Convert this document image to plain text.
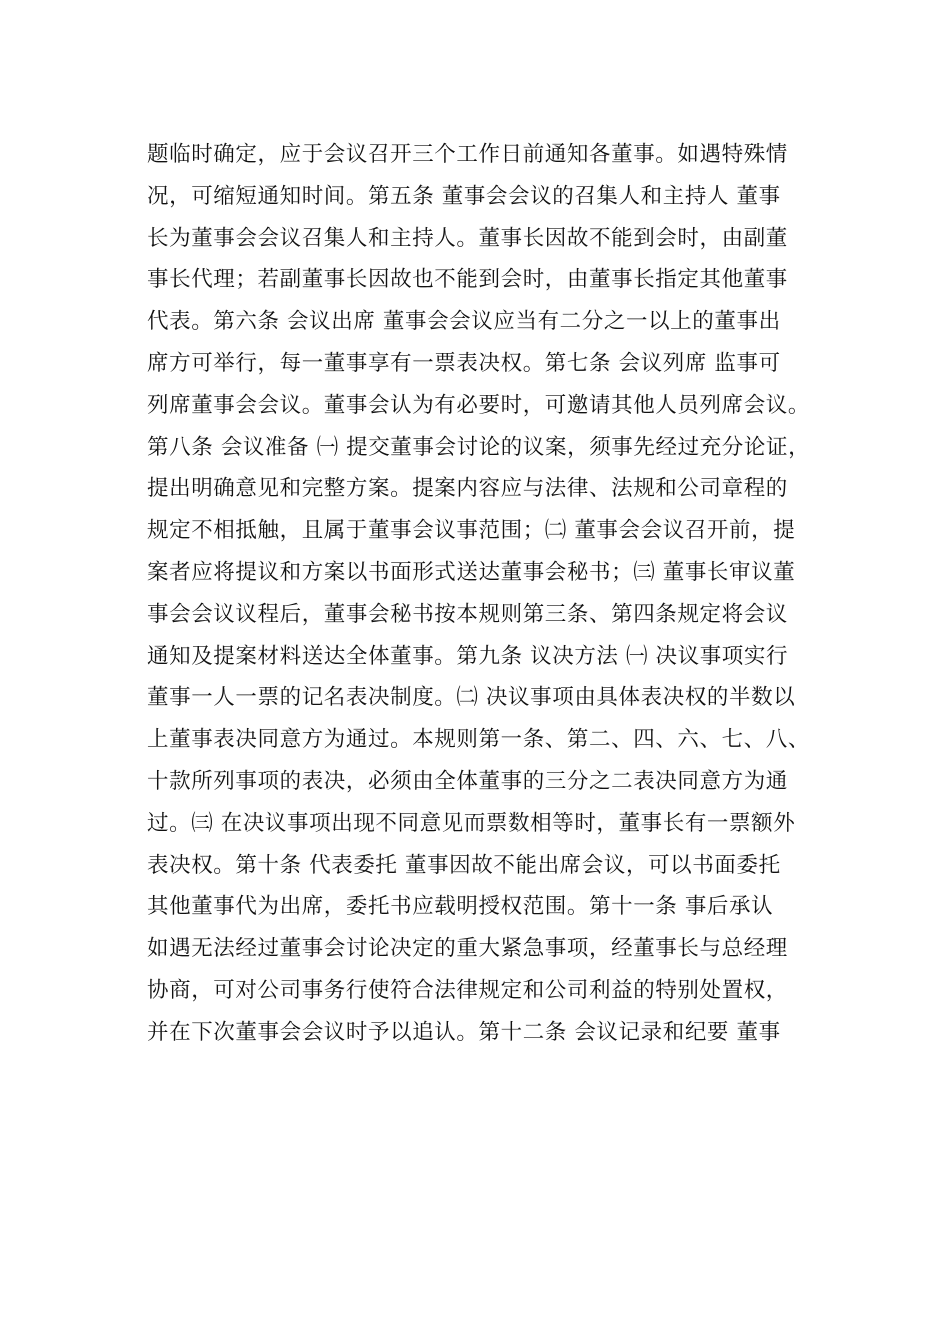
题临时确定，应于会议召开三个工作日前通知各董事。如遇特殊情
况，可缩短通知时间。第五条 董事会会议的召集人和主持人 董事
长为董事会会议召集人和主持人。董事长因故不能到会时，由副董
事长代理；若副董事长因故也不能到会时，由董事长指定其他董事
代表。第六条 会议出席 董事会会议应当有二分之一以上的董事出
席方可举行，每一董事享有一票表决权。第七条 会议列席 监事可
列席董事会会议。董事会认为有必要时，可邀请其他人员列席会议。
第八条 会议准备 ㈠ 提交董事会讨论的议案，须事先经过充分论证，
提出明确意见和完整方案。提案内容应与法律、法规和公司章程的
规定不相抵触，且属于董事会议事范围；㈡ 董事会会议召开前，提
案者应将提议和方案以书面形式送达董事会秘书；㈢ 董事长审议董
事会会议议程后，董事会秘书按本规则第三条、第四条规定将会议
通知及提案材料送达全体董事。第九条 议决方法 ㈠ 决议事项实行
董事一人一票的记名表决制度。㈡ 决议事项由具体表决权的半数以
上董事表决同意方为通过。本规则第一条、第二、四、六、七、八、
十款所列事项的表决，必须由全体董事的三分之二表决同意方为通
过。㈢ 在决议事项出现不同意见而票数相等时，董事长有一票额外
表决权。第十条 代表委托 董事因故不能出席会议，可以书面委托
其他董事代为出席，委托书应载明授权范围。第十一条 事后承认
如遇无法经过董事会讨论决定的重大紧急事项，经董事长与总经理
协商，可对公司事务行使符合法律规定和公司利益的特别处置权，
并在下次董事会会议时予以追认。第十二条 会议记录和纪要 董事
